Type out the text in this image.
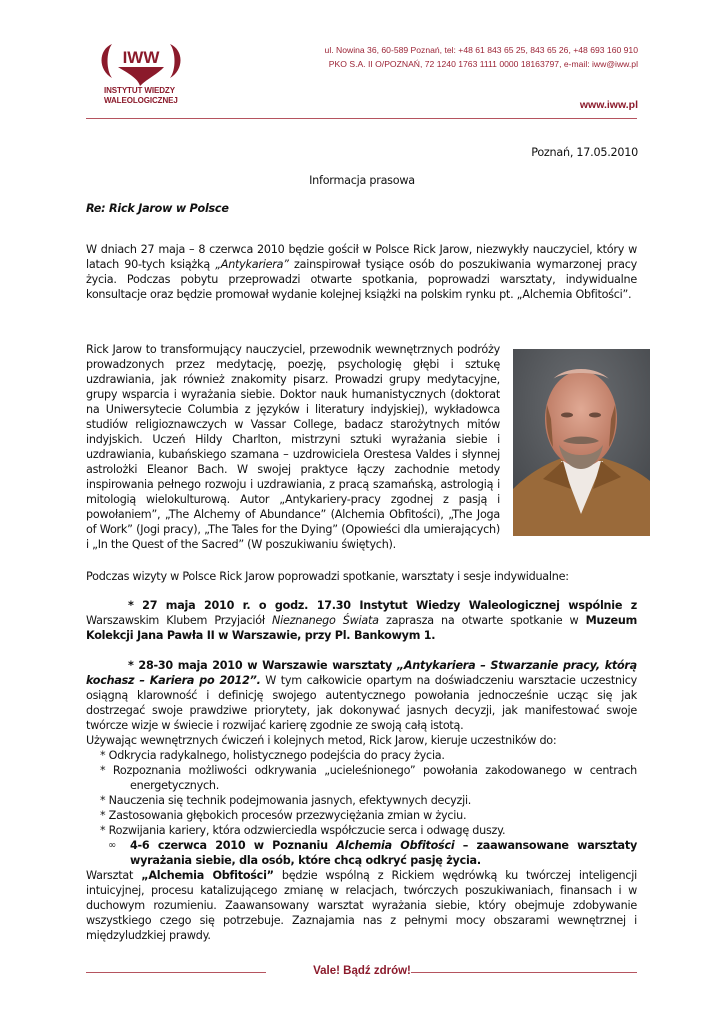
IWW
INSTYTUT WIEDZY
WALEOLOGICZNEJ
ul. Nowina 36, 60-589 Poznań, tel: +48 61 843 65 25, 843 65 26, +48 693 160 910
PKO S.A. II O/POZNAŃ, 72 1240 1763 1111 0000 18163797, e-mail: iww@iww.pl
www.iww.pl
Poznań, 17.05.2010
Informacja prasowa
Re: Rick Jarow w Polsce
W dniach 27 maja – 8 czerwca 2010 będzie gościł w Polsce Rick Jarow, niezwykły nauczyciel, który w latach 90-tych książką „Antykariera” zainspirował tysiące osób do poszukiwania wymarzonej pracy życia. Podczas pobytu przeprowadzi otwarte spotkania, poprowadzi warsztaty, indywidualne konsultacje oraz będzie promował wydanie kolejnej książki na polskim rynku pt. „Alchemia Obfitości”.
Rick Jarow to transformujący nauczyciel, przewodnik wewnętrznych podróży prowadzonych przez medytację, poezję, psychologię głębi i sztukę uzdrawiania, jak również znakomity pisarz. Prowadzi grupy medytacyjne, grupy wsparcia i wyrażania siebie. Doktor nauk humanistycznych (doktorat na Uniwersytecie Columbia z języków i literatury indyjskiej), wykładowca studiów religioznawczych w Vassar College, badacz starożytnych mitów indyjskich. Uczeń Hildy Charlton, mistrzyni sztuki wyrażania siebie i uzdrawiania, kubańskiego szamana – uzdrowiciela Orestesa Valdes i słynnej astrolożki Eleanor Bach. W swojej praktyce łączy zachodnie metody inspirowania pełnego rozwoju i uzdrawiania, z pracą szamańską, astrologią i mitologią wielokulturową. Autor „Antykariery-pracy zgodnej z pasją i powołaniem”, „The Alchemy of Abundance” (Alchemia Obfitości), „The Joga of Work” (Jogi pracy), „The Tales for the Dying” (Opowieści dla umierających) i „In the Quest of the Sacred” (W poszukiwaniu świętych).
Podczas wizyty w Polsce Rick Jarow poprowadzi spotkanie, warsztaty i sesje indywidualne:
* 27 maja 2010 r. o godz. 17.30 Instytut Wiedzy Waleologicznej wspólnie z Warszawskim Klubem Przyjaciół Nieznanego Świata zaprasza na otwarte spotkanie w Muzeum Kolekcji Jana Pawła II w Warszawie, przy Pl. Bankowym 1.
* 28-30 maja 2010 w Warszawie warsztaty „Antykariera – Stwarzanie pracy, którą kochasz – Kariera po 2012”. W tym całkowicie opartym na doświadczeniu warsztacie uczestnicy osiągną klarowność i definicję swojego autentycznego powołania jednocześnie ucząc się jak dostrzegać swoje prawdziwe priorytety, jak dokonywać jasnych decyzji, jak manifestować swoje twórcze wizje w świecie i rozwijać karierę zgodnie ze swoją całą istotą.
Używając wewnętrznych ćwiczeń i kolejnych metod, Rick Jarow, kieruje uczestników do:
* Odkrycia radykalnego, holistycznego podejścia do pracy życia.
* Rozpoznania możliwości odkrywania „ucieleśnionego” powołania zakodowanego w centrach
energetycznych.
* Nauczenia się technik podejmowania jasnych, efektywnych decyzji.
* Zastosowania głębokich procesów przezwyciężania zmian w życiu.
* Rozwijania kariery, która odzwierciedla współczucie serca i odwagę duszy.
∞ 4-6 czerwca 2010 w Poznaniu Alchemia Obfitości – zaawansowane warsztaty wyrażania siebie, dla osób, które chcą odkryć pasję życia.
Warsztat „Alchemia Obfitości” będzie wspólną z Rickiem wędrówką ku twórczej inteligencji intuicyjnej, procesu katalizującego zmianę w relacjach, twórczych poszukiwaniach, finansach i w duchowym rozumieniu. Zaawansowany warsztat wyrażania siebie, który obejmuje zdobywanie wszystkiego czego się potrzebuje. Zaznajamia nas z pełnymi mocy obszarami wewnętrznej i międzyludzkiej prawdy.
Vale! Bądź zdrów!
